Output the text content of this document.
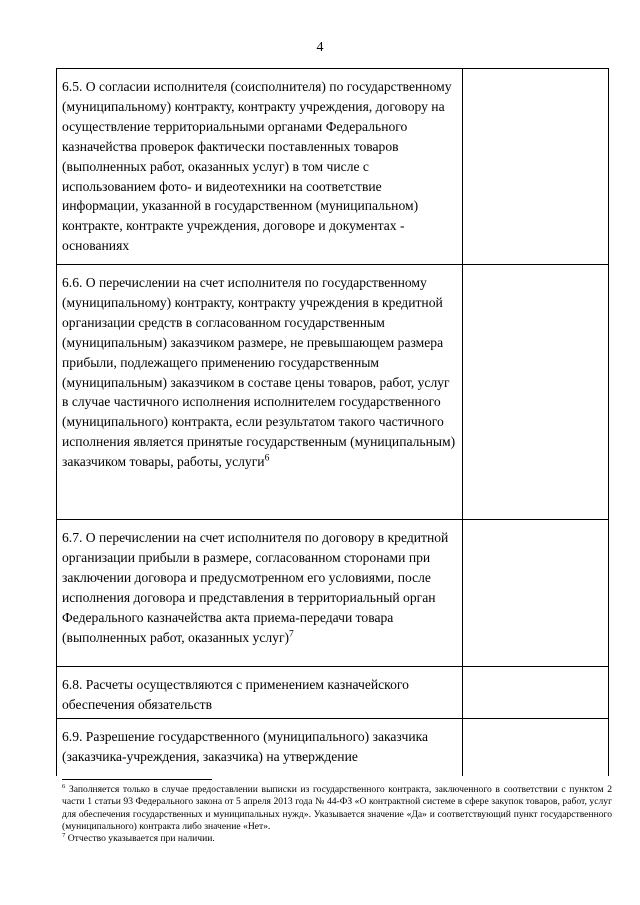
4
6.5. О согласии исполнителя (соисполнителя) по государственному (муниципальному) контракту, контракту учреждения, договору на осуществление территориальными органами Федерального казначейства проверок фактически поставленных товаров (выполненных работ, оказанных услуг) в том числе с использованием фото- и видеотехники на соответствие информации, указанной в государственном (муниципальном) контракте, контракте учреждения, договоре и документах - основаниях	
6.6. О перечислении на счет исполнителя по государственному (муниципальному) контракту, контракту учреждения в кредитной организации средств в согласованном государственным (муниципальным) заказчиком размере, не превышающем размера прибыли, подлежащего применению государственным (муниципальным) заказчиком в составе цены товаров, работ, услуг в случае частичного исполнения исполнителем государственного (муниципального) контракта, если результатом такого частичного исполнения является принятые государственным (муниципальным) заказчиком товары, работы, услуги$^6$	
6.7. О перечислении на счет исполнителя по договору в кредитной организации прибыли в размере, согласованном сторонами при заключении договора и предусмотренном его условиями, после исполнения договора и представления в территориальный орган Федерального казначейства акта приема-передачи товара (выполненных работ, оказанных услуг)$^7$	
6.8. Расчеты осуществляются с применением казначейского обеспечения обязательств	
6.9. Разрешение государственного (муниципального) заказчика (заказчика-учреждения, заказчика) на утверждение	

$^6$ Заполняется только в случае предоставлении выписки из государственного контракта, заключенного в соответствии с пунктом 2 части 1 статьи 93 Федерального закона от 5 апреля 2013 года № 44-ФЗ «О контрактной системе в сфере закупок товаров, работ, услуг для обеспечения государственных и муниципальных нужд». Указывается значение «Да» и соответствующий пункт государственного (муниципального) контракта либо значение «Нет».

$^7$ Отчество указывается при наличии.
